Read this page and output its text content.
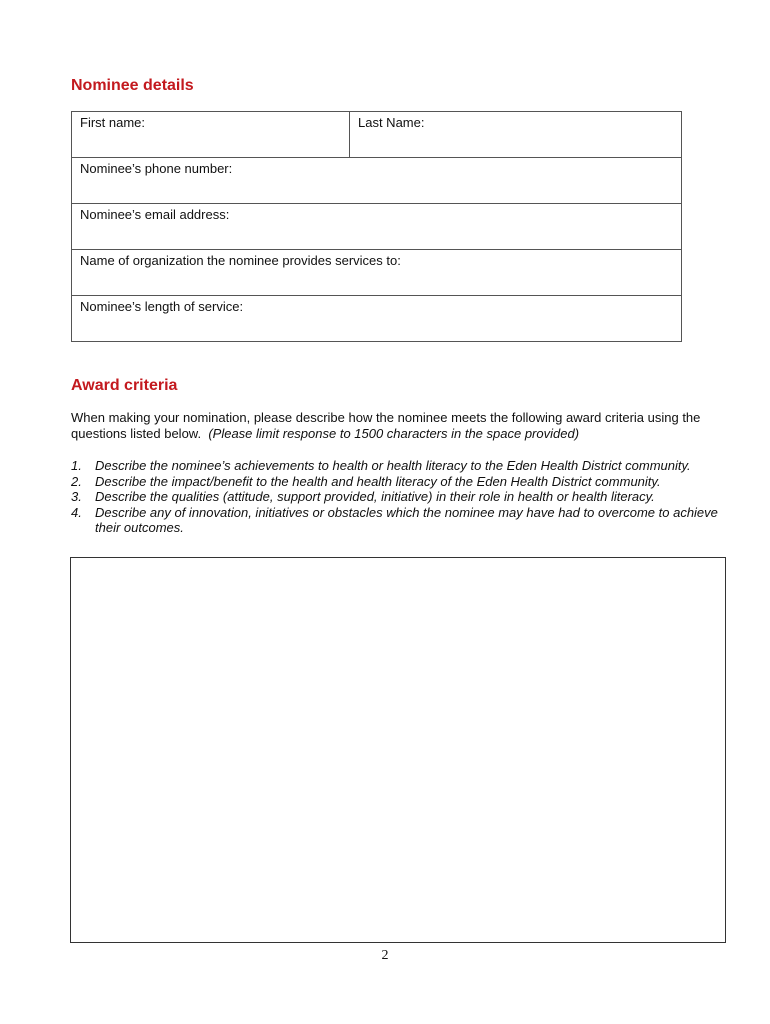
Nominee details
First name:	Last Name:
Nominee’s phone number:
Nominee’s email address:
Name of organization the nominee provides services to:
Nominee’s length of service:
Award criteria

When making your nomination, please describe how the nominee meets the following award criteria using the questions listed below. (Please limit response to 1500 characters in the space provided)

1.	Describe the nominee’s achievements to health or health literacy to the Eden Health District community.
2.	Describe the impact/benefit to the health and health literacy of the Eden Health District community.
3.	Describe the qualities (attitude, support provided, initiative) in their role in health or health literacy.
4.	Describe any of innovation, initiatives or obstacles which the nominee may have had to overcome to achieve their outcomes.
2
